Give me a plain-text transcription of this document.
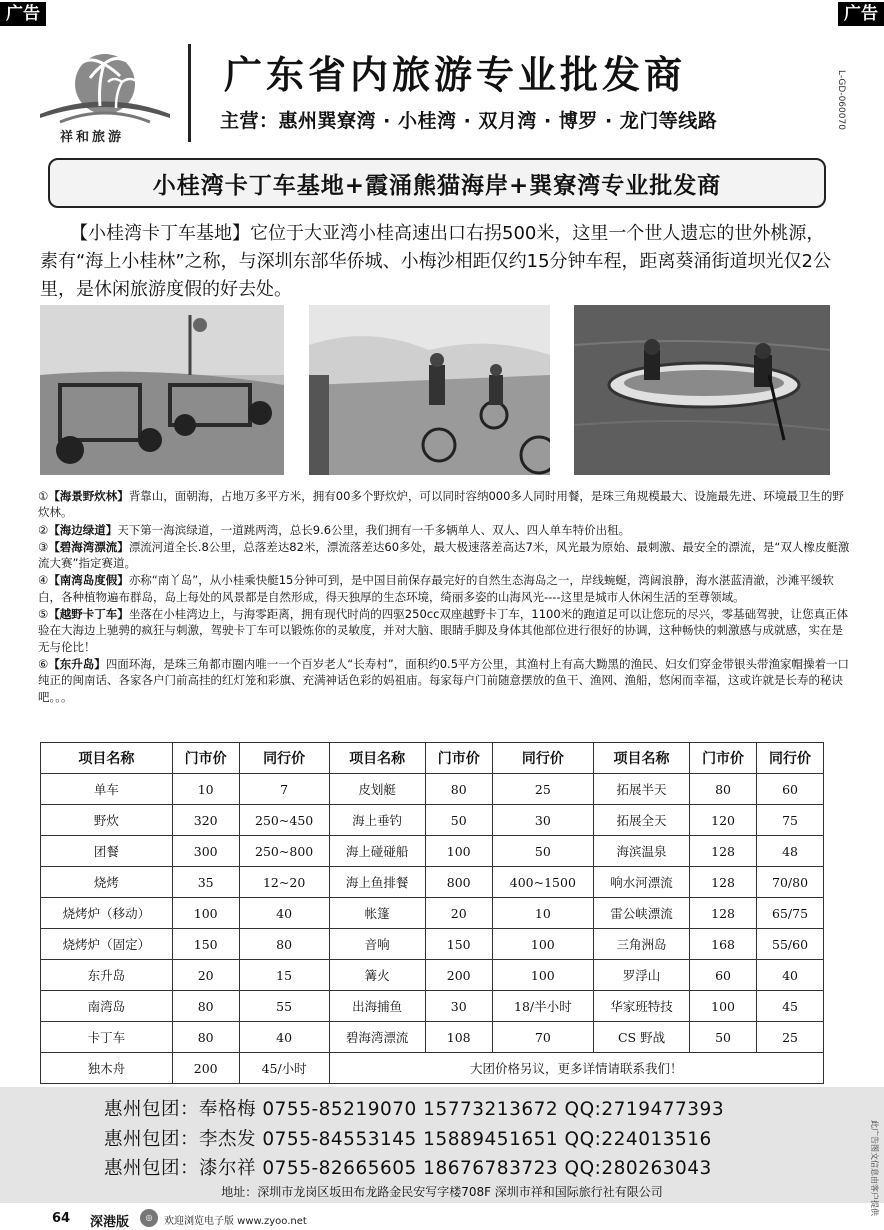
广告	广告
祥和旅游
广东省内旅游专业批发商
主营：惠州巽寮湾 · 小桂湾 · 双月湾 · 博罗 · 龙门等线路	L-GD-060070
小桂湾卡丁车基地+霞涌熊猫海岸+巽寮湾专业批发商
【小桂湾卡丁车基地】它位于大亚湾小桂高速出口右拐500米，这里一个世人遗忘的世外桃源，素有“海上小桂林”之称，与深圳东部华侨城、小梅沙相距仅约15分钟车程，距离葵涌街道坝光仅2公里，是休闲旅游度假的好去处。
①【海景野炊林】背靠山，面朝海，占地万多平方米，拥有00多个野炊炉，可以同时容纳000多人同时用餐，是珠三角规模最大、设施最先进、环境最卫生的野炊林。
②【海边绿道】天下第一海滨绿道，一道跳两湾，总长9.6公里，我们拥有一千多辆单人、双人、四人单车特价出租。
③【碧海湾漂流】漂流河道全长.8公里，总落差达82米，漂流落差达60多处，最大极速落差高达7米，风光最为原始、最刺激、最安全的漂流，是“双人橡皮艇激流大赛”指定赛道。
④【南湾岛度假】亦称“南丫岛”，从小桂乘快艇15分钟可到，是中国目前保存最完好的自然生态海岛之一，岸线蜿蜒，湾阔浪静，海水湛蓝清澈，沙滩平缓软白，各种植物遍布群岛，岛上每处的风景都是自然形成，得天独厚的生态环境，绮丽多姿的山海风光----这里是城市人休闲生活的至尊领域。
⑤【越野卡丁车】坐落在小桂湾边上，与海零距离，拥有现代时尚的四驱250cc双座越野卡丁车，1100米的跑道足可以让您玩的尽兴，零基础驾驶，让您真正体验在大海边上驰骋的疯狂与刺激，驾驶卡丁车可以锻炼你的灵敏度，并对大脑、眼睛手脚及身体其他部位进行很好的协调，这种畅快的刺激感与成就感，实在是无与伦比！
⑥【东升岛】四面环海，是珠三角都市圈内唯一一个百岁老人“长寿村”，面积约0.5平方公里，其渔村上有高大黝黑的渔民、妇女们穿金带银头带渔家帽操着一口纯正的闽南话、各家各户门前高挂的红灯笼和彩旗、充满神话色彩的妈祖庙。每家每户门前随意摆放的鱼干、渔网、渔船，悠闲而幸福，这或许就是长寿的秘诀吧。。。
项目名称	门市价	同行价	项目名称	门市价	同行价	项目名称	门市价	同行价
单车	10	7	皮划艇	80	25	拓展半天	80	60
野炊	320	250~450	海上垂钓	50	30	拓展全天	120	75
团餐	300	250~800	海上碰碰船	100	50	海滨温泉	128	48
烧烤	35	12~20	海上鱼排餐	800	400~1500	响水河漂流	128	70/80
烧烤炉（移动）	100	40	帐篷	20	10	雷公峡漂流	128	65/75
烧烤炉（固定）	150	80	音响	150	100	三角洲岛	168	55/60
东升岛	20	15	篝火	200	100	罗浮山	60	40
南湾岛	80	55	出海捕鱼	30	18/半小时	华家班特技	100	45
卡丁车	80	40	碧海湾漂流	108	70	CS 野战	50	25
独木舟	200	45/小时	大团价格另议，更多详情请联系我们！					
惠州包团：奉格梅 0755-85219070 15773213672 QQ:2719477393
惠州包团：李杰发 0755-84553145 15889451651 QQ:224013516
惠州包团：漆尔祥 0755-82665605 18676783723 QQ:280263043
地址：深圳市龙岗区坂田布龙路金民安写字楼708F 深圳市祥和国际旅行社有限公司
64 深港版	◎	欢迎浏览电子版 www.zyoo.net
此广告图文信息由客户提供
